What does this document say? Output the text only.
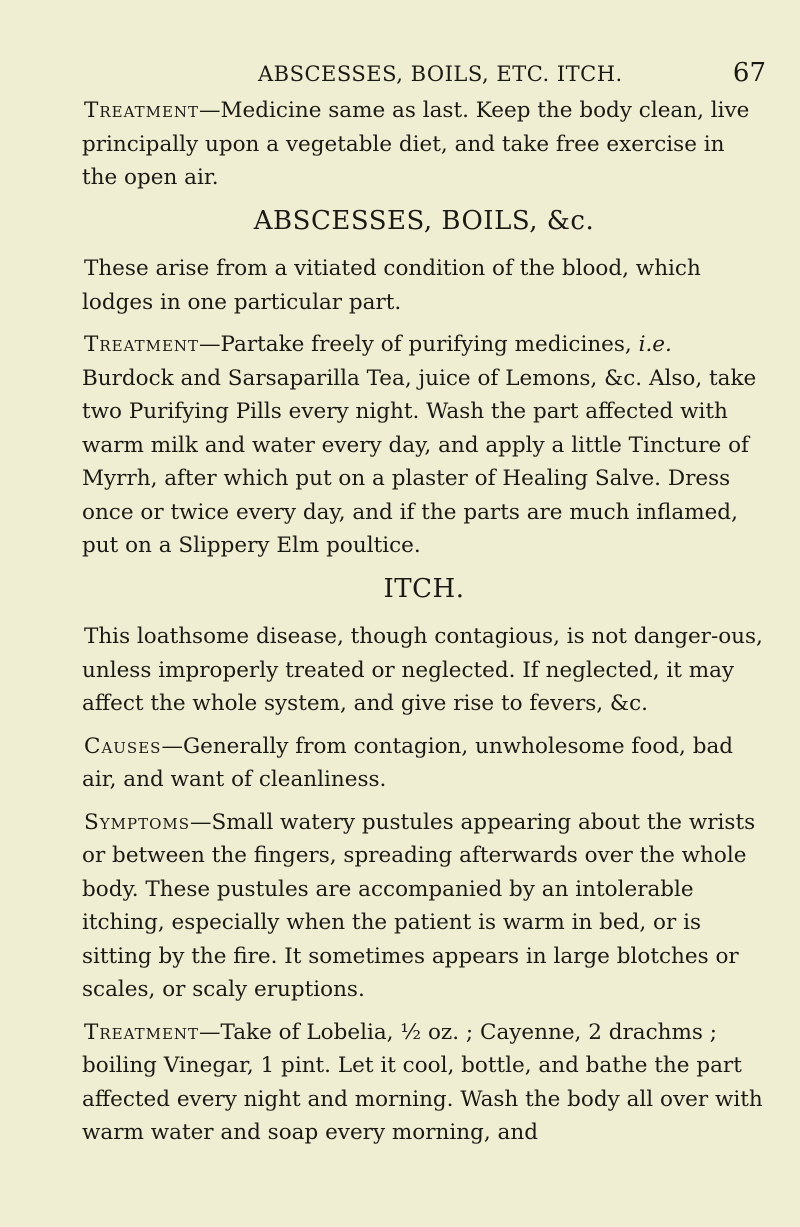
ABSCESSES, BOILS, ETC. ITCH.	67

Treatment—Medicine same as last. Keep the body clean, live principally upon a vegetable diet, and take free exercise in the open air.

ABSCESSES, BOILS, &c.

These arise from a vitiated condition of the blood, which lodges in one particular part.

Treatment—Partake freely of purifying medicines, i.e. Burdock and Sarsaparilla Tea, juice of Lemons, &c. Also, take two Purifying Pills every night. Wash the part affected with warm milk and water every day, and apply a little Tincture of Myrrh, after which put on a plaster of Healing Salve. Dress once or twice every day, and if the parts are much inflamed, put on a Slippery Elm poultice.

ITCH.

This loathsome disease, though contagious, is not danger-ous, unless improperly treated or neglected. If neglected, it may affect the whole system, and give rise to fevers, &c.

Causes—Generally from contagion, unwholesome food, bad air, and want of cleanliness.

Symptoms—Small watery pustules appearing about the wrists or between the fingers, spreading afterwards over the whole body. These pustules are accompanied by an intolerable itching, especially when the patient is warm in bed, or is sitting by the fire. It sometimes appears in large blotches or scales, or scaly eruptions.

Treatment—Take of Lobelia, ½ oz. ; Cayenne, 2 drachms ; boiling Vinegar, 1 pint. Let it cool, bottle, and bathe the part affected every night and morning. Wash the body all over with warm water and soap every morning, and
